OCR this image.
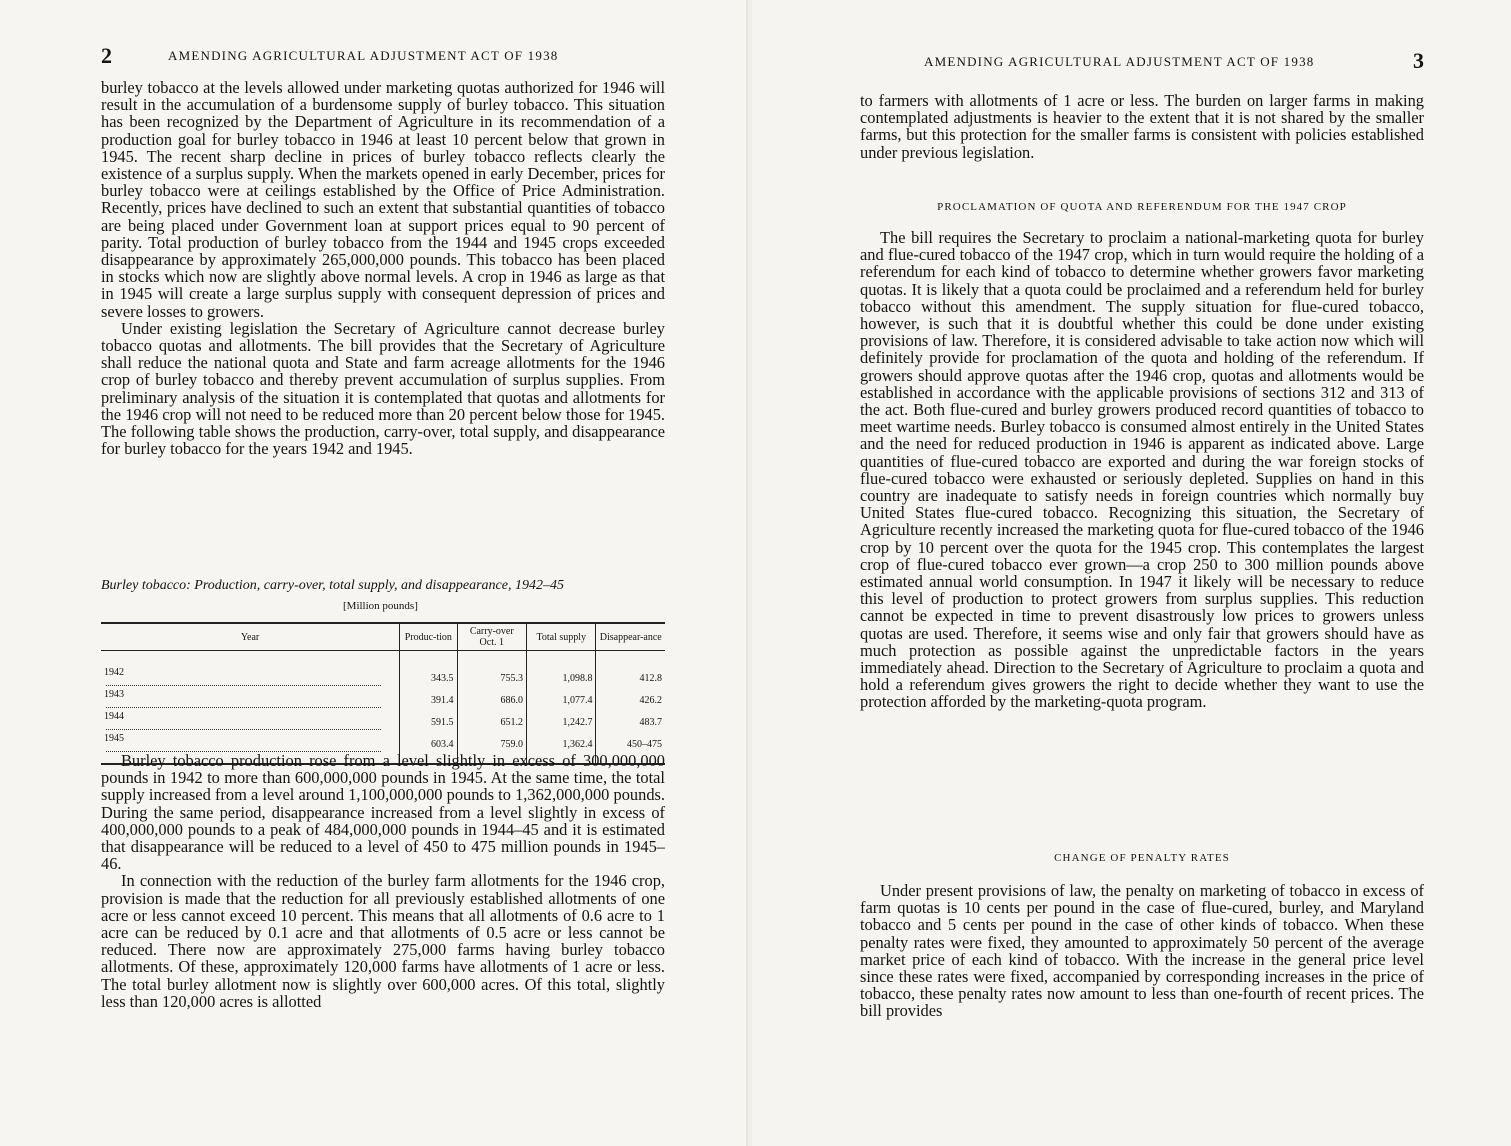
2	AMENDING AGRICULTURAL ADJUSTMENT ACT OF 1938

burley tobacco at the levels allowed under marketing quotas authorized for 1946 will result in the accumulation of a burdensome supply of burley tobacco. This situation has been recognized by the Department of Agriculture in its recommendation of a production goal for burley tobacco in 1946 at least 10 percent below that grown in 1945. The recent sharp decline in prices of burley tobacco reflects clearly the existence of a surplus supply. When the markets opened in early December, prices for burley tobacco were at ceilings established by the Office of Price Administration. Recently, prices have declined to such an extent that substantial quantities of tobacco are being placed under Government loan at support prices equal to 90 percent of parity. Total production of burley tobacco from the 1944 and 1945 crops exceeded disappearance by approximately 265,000,000 pounds. This tobacco has been placed in stocks which now are slightly above normal levels. A crop in 1946 as large as that in 1945 will create a large surplus supply with consequent depression of prices and severe losses to growers.

Under existing legislation the Secretary of Agriculture cannot decrease burley tobacco quotas and allotments. The bill provides that the Secretary of Agriculture shall reduce the national quota and State and farm acreage allotments for the 1946 crop of burley tobacco and thereby prevent accumulation of surplus supplies. From preliminary analysis of the situation it is contemplated that quotas and allotments for the 1946 crop will not need to be reduced more than 20 percent below those for 1945. The following table shows the production, carry-over, total supply, and disappearance for burley tobacco for the years 1942 and 1945.

Burley tobacco: Production, carry-over, total supply, and disappearance, 1942–45
[Million pounds]
Year	Produc-tion	Carry-over Oct. 1	Total supply	Disappear-ance
1942	343.5	755.3	1,098.8	412.8
1943	391.4	686.0	1,077.4	426.2
1944	591.5	651.2	1,242.7	483.7
1945	603.4	759.0	1,362.4	450–475

Burley tobacco production rose from a level slightly in excess of 300,000,000 pounds in 1942 to more than 600,000,000 pounds in 1945. At the same time, the total supply increased from a level around 1,100,000,000 pounds to 1,362,000,000 pounds. During the same period, disappearance increased from a level slightly in excess of 400,000,000 pounds to a peak of 484,000,000 pounds in 1944–45 and it is estimated that disappearance will be reduced to a level of 450 to 475 million pounds in 1945–46.

In connection with the reduction of the burley farm allotments for the 1946 crop, provision is made that the reduction for all previously established allotments of one acre or less cannot exceed 10 percent. This means that all allotments of 0.6 acre to 1 acre can be reduced by 0.1 acre and that allotments of 0.5 acre or less cannot be reduced. There now are approximately 275,000 farms having burley tobacco allotments. Of these, approximately 120,000 farms have allotments of 1 acre or less. The total burley allotment now is slightly over 600,000 acres. Of this total, slightly less than 120,000 acres is allotted

AMENDING AGRICULTURAL ADJUSTMENT ACT OF 1938	3

to farmers with allotments of 1 acre or less. The burden on larger farms in making contemplated adjustments is heavier to the extent that it is not shared by the smaller farms, but this protection for the smaller farms is consistent with policies established under previous legislation.

PROCLAMATION OF QUOTA AND REFERENDUM FOR THE 1947 CROP

The bill requires the Secretary to proclaim a national-marketing quota for burley and flue-cured tobacco of the 1947 crop, which in turn would require the holding of a referendum for each kind of tobacco to determine whether growers favor marketing quotas. It is likely that a quota could be proclaimed and a referendum held for burley tobacco without this amendment. The supply situation for flue-cured tobacco, however, is such that it is doubtful whether this could be done under existing provisions of law. Therefore, it is considered advisable to take action now which will definitely provide for proclamation of the quota and holding of the referendum. If growers should approve quotas after the 1946 crop, quotas and allotments would be established in accordance with the applicable provisions of sections 312 and 313 of the act. Both flue-cured and burley growers produced record quantities of tobacco to meet wartime needs. Burley tobacco is consumed almost entirely in the United States and the need for reduced production in 1946 is apparent as indicated above. Large quantities of flue-cured tobacco are exported and during the war foreign stocks of flue-cured tobacco were exhausted or seriously depleted. Supplies on hand in this country are inadequate to satisfy needs in foreign countries which normally buy United States flue-cured tobacco. Recognizing this situation, the Secretary of Agriculture recently increased the marketing quota for flue-cured tobacco of the 1946 crop by 10 percent over the quota for the 1945 crop. This contemplates the largest crop of flue-cured tobacco ever grown—a crop 250 to 300 million pounds above estimated annual world consumption. In 1947 it likely will be necessary to reduce this level of production to protect growers from surplus supplies. This reduction cannot be expected in time to prevent disastrously low prices to growers unless quotas are used. Therefore, it seems wise and only fair that growers should have as much protection as possible against the unpredictable factors in the years immediately ahead. Direction to the Secretary of Agriculture to proclaim a quota and hold a referendum gives growers the right to decide whether they want to use the protection afforded by the marketing-quota program.

CHANGE OF PENALTY RATES

Under present provisions of law, the penalty on marketing of tobacco in excess of farm quotas is 10 cents per pound in the case of flue-cured, burley, and Maryland tobacco and 5 cents per pound in the case of other kinds of tobacco. When these penalty rates were fixed, they amounted to approximately 50 percent of the average market price of each kind of tobacco. With the increase in the general price level since these rates were fixed, accompanied by corresponding increases in the price of tobacco, these penalty rates now amount to less than one-fourth of recent prices. The bill provides
